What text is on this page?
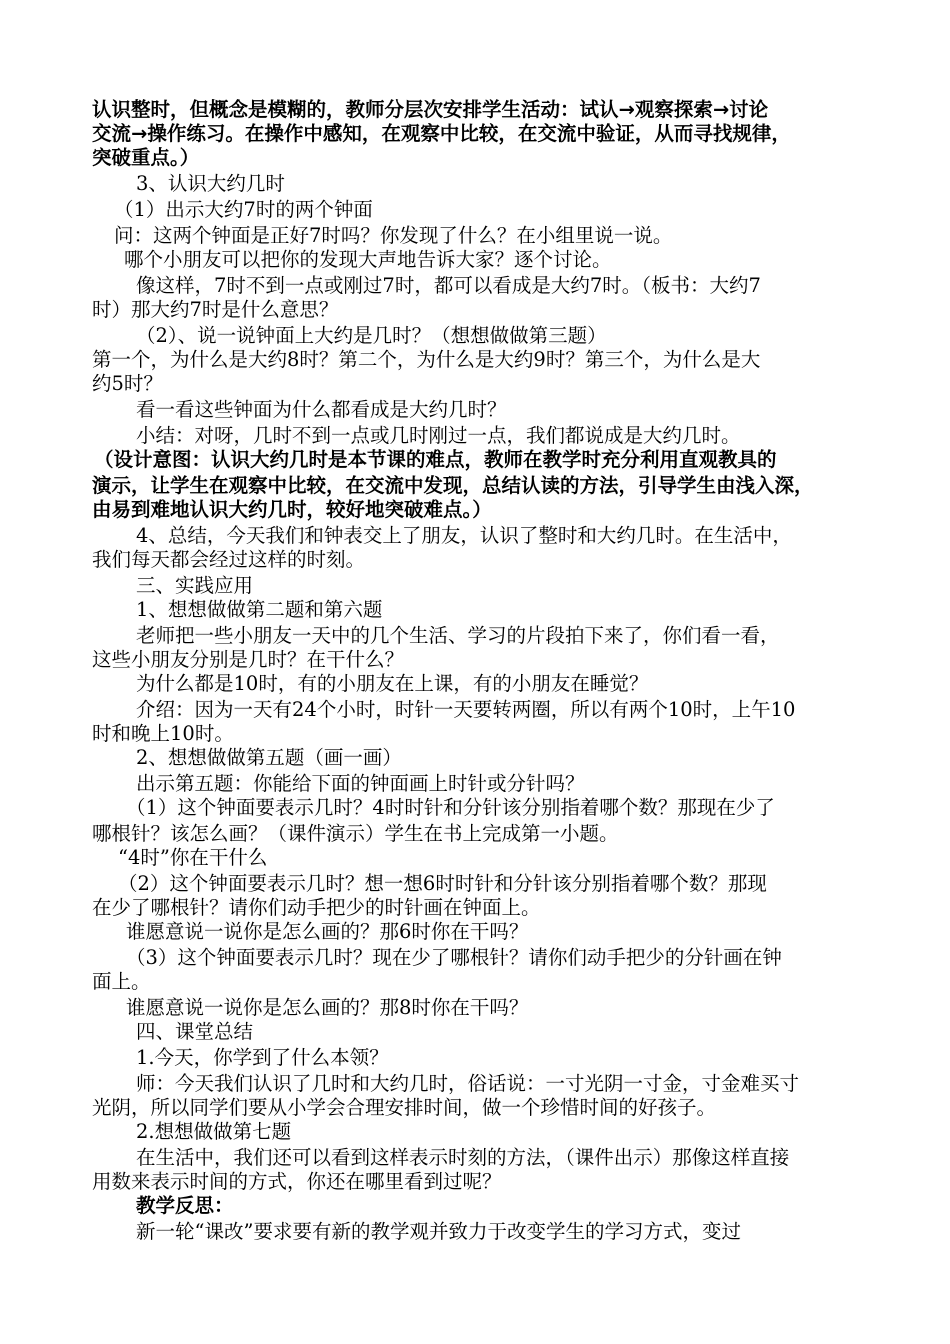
认识整时，但概念是模糊的，教师分层次安排学生活动：试认→观察探索→讨论
交流→操作练习。在操作中感知，在观察中比较，在交流中验证，从而寻找规律，
突破重点。）
3、认识大约几时
（1）出示大约7时的两个钟面
问：这两个钟面是正好7时吗？你发现了什么？在小组里说一说。
哪个小朋友可以把你的发现大声地告诉大家？逐个讨论。
像这样，7时不到一点或刚过7时，都可以看成是大约7时。（板书：大约7
时）那大约7时是什么意思？
（2）、说一说钟面上大约是几时？（想想做做第三题）
第一个，为什么是大约8时？第二个，为什么是大约9时？第三个，为什么是大
约5时？
看一看这些钟面为什么都看成是大约几时？
小结：对呀，几时不到一点或几时刚过一点，我们都说成是大约几时。
（设计意图：认识大约几时是本节课的难点，教师在教学时充分利用直观教具的
演示，让学生在观察中比较，在交流中发现，总结认读的方法，引导学生由浅入深，
由易到难地认识大约几时，较好地突破难点。）
4、总结，今天我们和钟表交上了朋友，认识了整时和大约几时。在生活中，
我们每天都会经过这样的时刻。
三、实践应用
1、想想做做第二题和第六题
老师把一些小朋友一天中的几个生活、学习的片段拍下来了，你们看一看，
这些小朋友分别是几时？在干什么？
为什么都是10时，有的小朋友在上课，有的小朋友在睡觉？
介绍：因为一天有24个小时，时针一天要转两圈，所以有两个10时，上午10
时和晚上10时。
2、想想做做第五题（画一画）
出示第五题：你能给下面的钟面画上时针或分针吗？
（1）这个钟面要表示几时？4时时针和分针该分别指着哪个数？那现在少了
哪根针？该怎么画？（课件演示）学生在书上完成第一小题。
“4时”你在干什么
（2）这个钟面要表示几时？想一想6时时针和分针该分别指着哪个数？那现
在少了哪根针？请你们动手把少的时针画在钟面上。
谁愿意说一说你是怎么画的？那6时你在干吗？
（3）这个钟面要表示几时？现在少了哪根针？请你们动手把少的分针画在钟
面上。
谁愿意说一说你是怎么画的？那8时你在干吗？
四、课堂总结
1.今天，你学到了什么本领？
师：今天我们认识了几时和大约几时，俗话说：一寸光阴一寸金，寸金难买寸
光阴，所以同学们要从小学会合理安排时间，做一个珍惜时间的好孩子。
2.想想做做第七题
在生活中，我们还可以看到这样表示时刻的方法，（课件出示）那像这样直接
用数来表示时间的方式，你还在哪里看到过呢？
教学反思：
新一轮“课改”要求要有新的教学观并致力于改变学生的学习方式，变过
